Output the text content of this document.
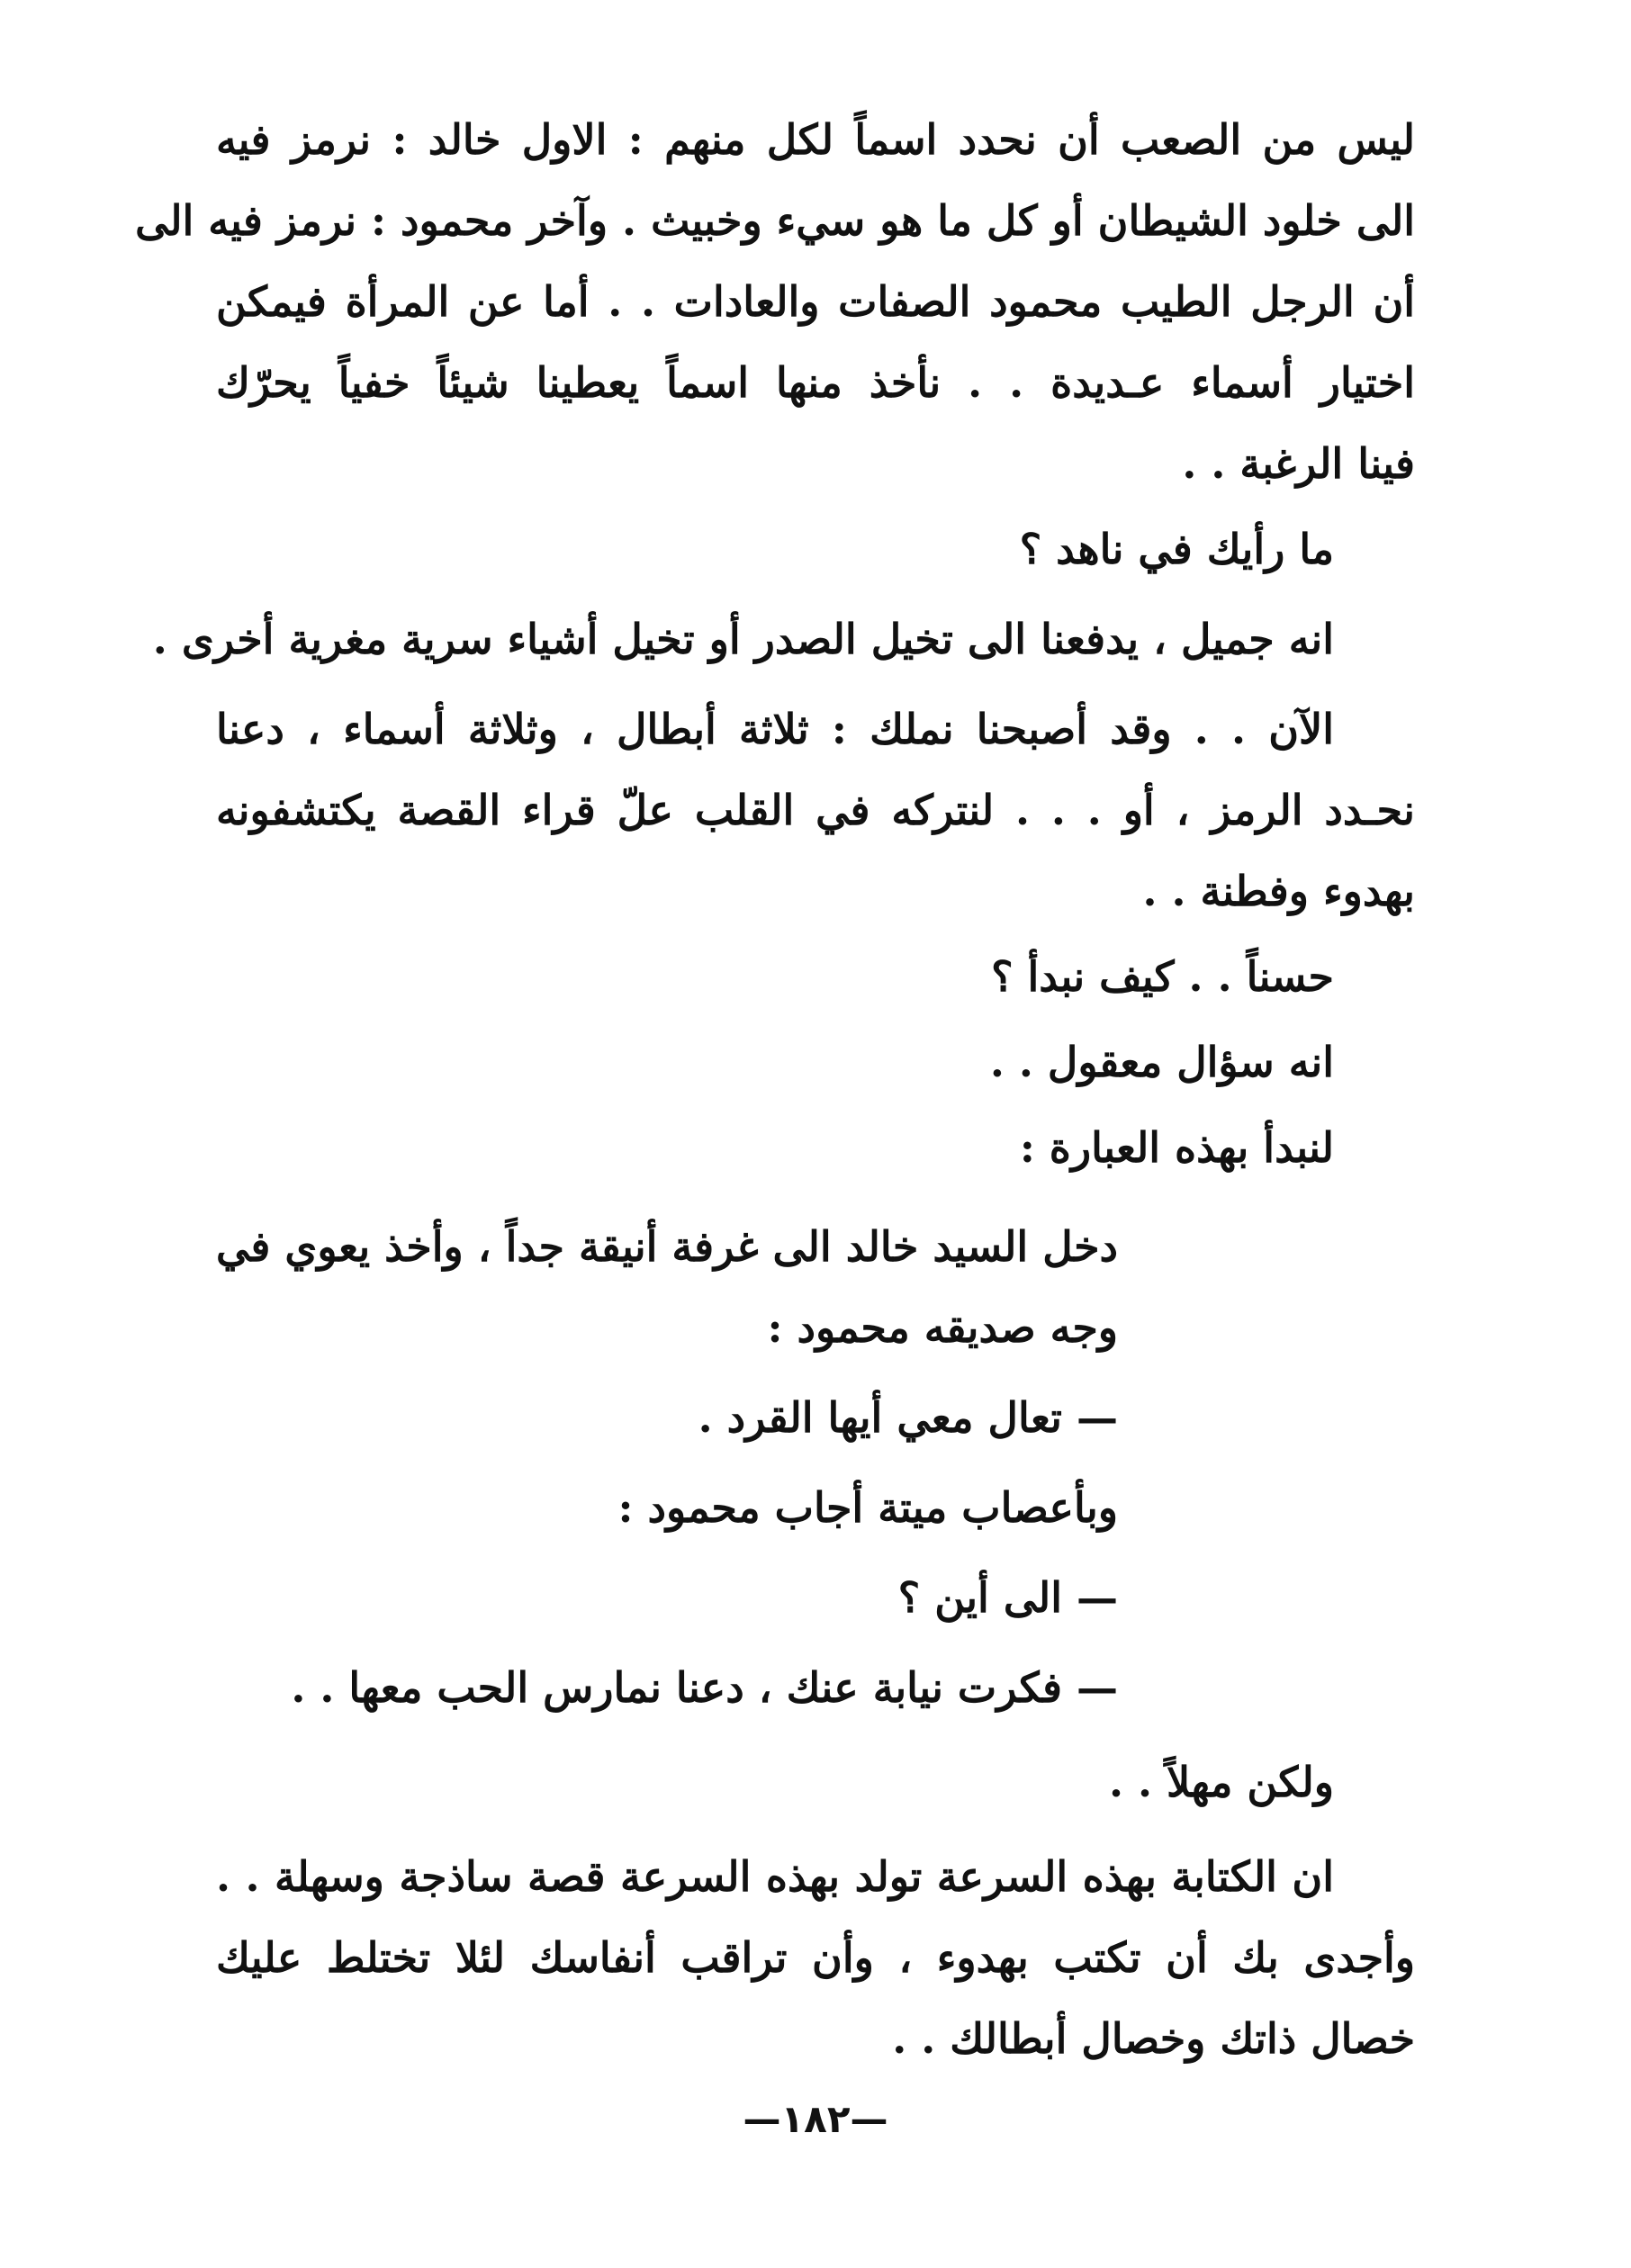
ليس من الصعب أن نحدد اسماً لكل منهم : الاول خالد : نرمز فيه
الى خلود الشيطان أو كل ما هو سيء وخبيث . وآخر محمود : نرمز فيه الى
أن الرجل الطيب محمود الصفات والعادات . . أما عن المرأة فيمكن
اختيار أسماء عـديدة . . نأخذ منها اسماً يعطينا شيئاً خفياً يحرّك
فينا الرغبة . .
ما رأيك في ناهد ؟
انه جميل ، يدفعنا الى تخيل الصدر أو تخيل أشياء سرية مغرية أخرى .
الآن . . وقد أصبحنا نملك : ثلاثة أبطال ، وثلاثة أسماء ، دعنا
نحـدد الرمز ، أو . . . لنتركه في القلب علّ قراء القصة يكتشفونه
بهدوء وفطنة . .
حسناً . . كيف نبدأ ؟
انه سؤال معقول . .
لنبدأ بهذه العبارة :
دخل السيد خالد الى غرفة أنيقة جداً ، وأخذ يعوي في
وجه صديقه محمود :
— تعال معي أيها القرد .
وبأعصاب ميتة أجاب محمود :
— الى أين ؟
— فكرت نيابة عنك ، دعنا نمارس الحب معها . .
ولكن مهلاً . .
ان الكتابة بهذه السرعة تولد بهذه السرعة قصة ساذجة وسهلة . .
وأجدى بك أن تكتب بهدوء ، وأن تراقب أنفاسك لئلا تختلط عليك
خصال ذاتك وخصال أبطالك . .
—١٨٢—
